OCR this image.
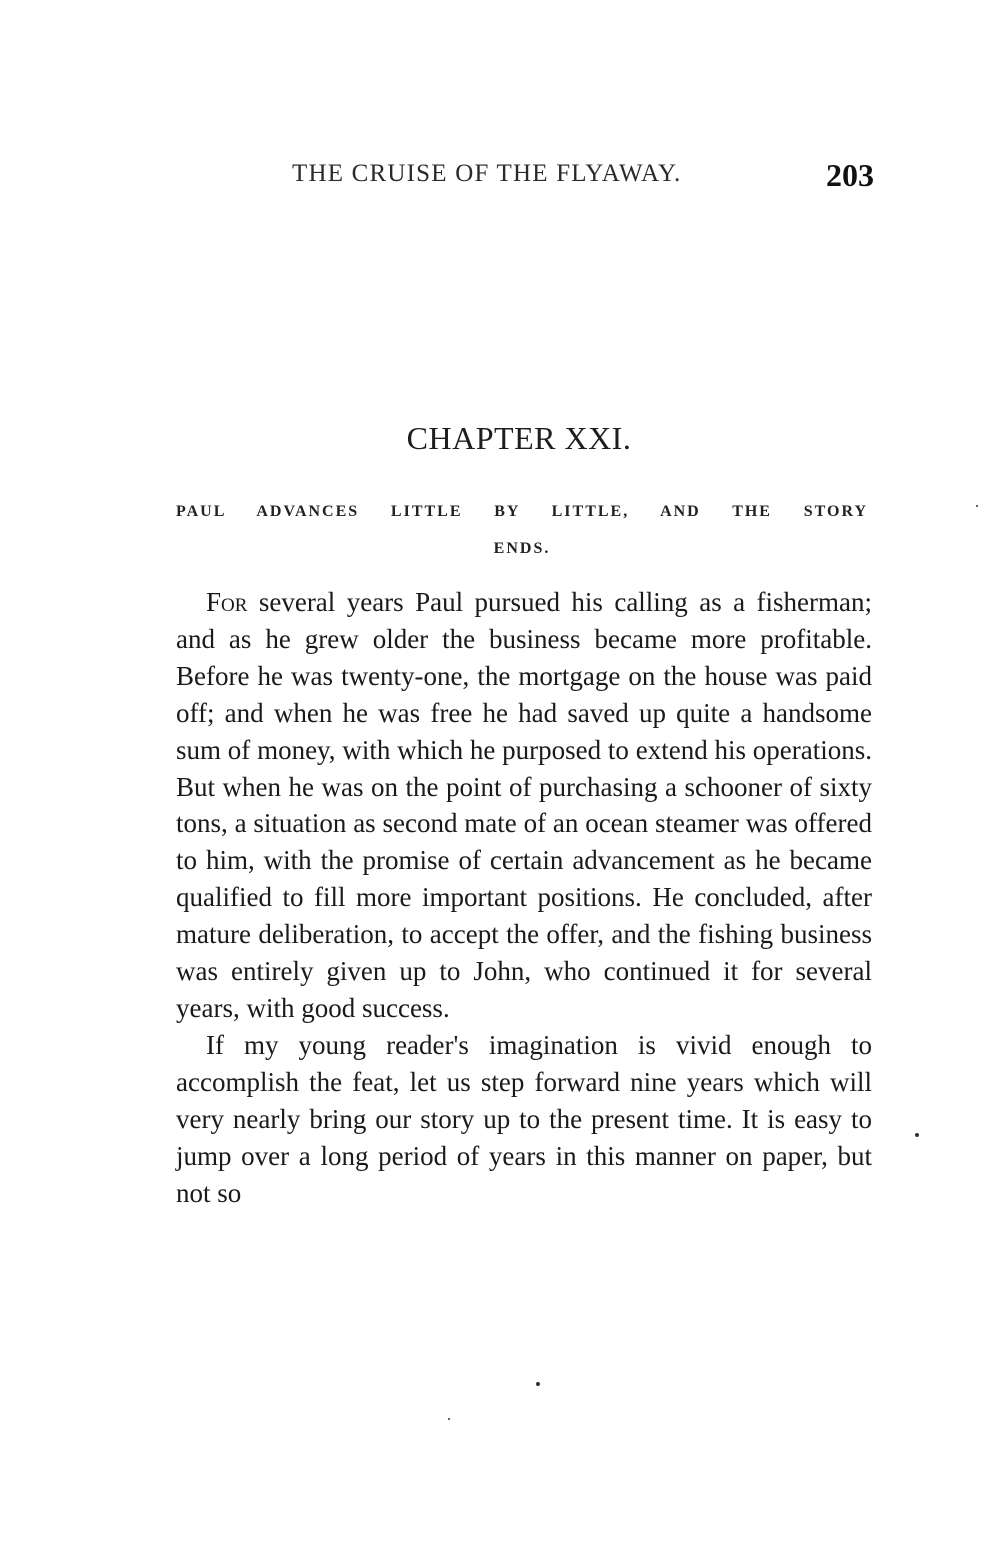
THE CRUISE OF THE FLYAWAY.	203
CHAPTER XXI.
PAUL ADVANCES LITTLE BY LITTLE, AND THE STORY
ENDS.

For several years Paul pursued his calling as a fisherman; and as he grew older the business became more profitable. Before he was twenty-one, the mortgage on the house was paid off; and when he was free he had saved up quite a handsome sum of money, with which he purposed to extend his operations. But when he was on the point of purchasing a schooner of sixty tons, a situation as second mate of an ocean steamer was offered to him, with the promise of certain advancement as he became qualified to fill more important positions. He concluded, after mature deliberation, to accept the offer, and the fishing business was entirely given up to John, who continued it for several years, with good success.

If my young reader's imagination is vivid enough to accomplish the feat, let us step forward nine years which will very nearly bring our story up to the present time. It is easy to jump over a long period of years in this manner on paper, but not so
